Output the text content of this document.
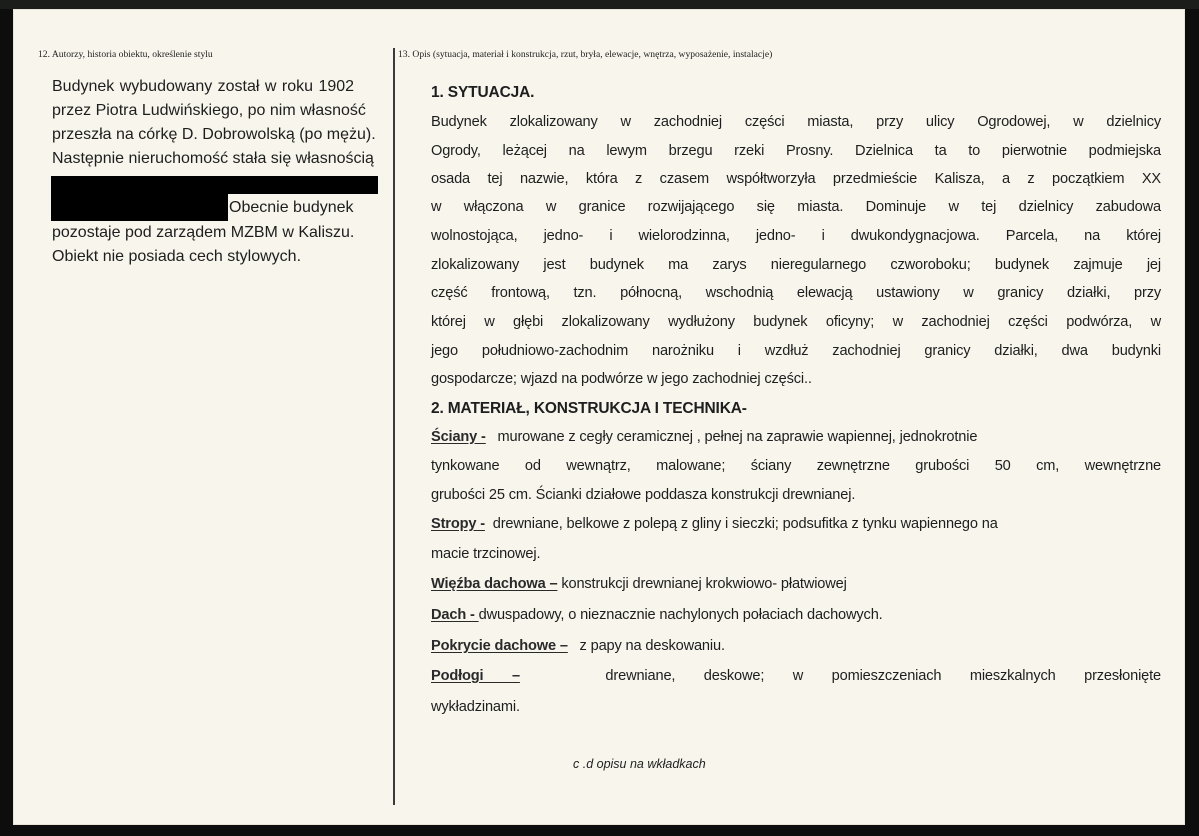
12. Autorzy, historia obiektu, określenie stylu
Budynek wybudowany został w roku 1902
przez Piotra Ludwińskiego, po nim własność
przeszła na córkę D. Dobrowolską (po mężu).
Następnie nieruchomość stała się własnością
Obecnie budynek
pozostaje pod zarządem MZBM w Kaliszu.
Obiekt nie posiada cech stylowych.
13. Opis (sytuacja, materiał i konstrukcja, rzut, bryła, elewacje, wnętrza, wyposażenie, instalacje)
1. SYTUACJA.
Budynek zlokalizowany w zachodniej części miasta, przy ulicy Ogrodowej, w dzielnicy
Ogrody, leżącej na lewym brzegu rzeki Prosny. Dzielnica ta to pierwotnie podmiejska
osada tej nazwie, która z czasem współtworzyła przedmieście Kalisza, a z początkiem XX
w włączona w granice rozwijającego się miasta. Dominuje w tej dzielnicy zabudowa
wolnostojąca, jedno- i wielorodzinna, jedno- i dwukondygnacjowa. Parcela, na której
zlokalizowany jest budynek ma zarys nieregularnego czworoboku; budynek zajmuje jej
część frontową, tzn. północną, wschodnią elewacją ustawiony w granicy działki, przy
której w głębi zlokalizowany wydłużony budynek oficyny; w zachodniej części podwórza, w
jego południowo-zachodnim narożniku i wzdłuż zachodniej granicy działki, dwa budynki
gospodarcze; wjazd na podwórze w jego zachodniej części..
2. MATERIAŁ, KONSTRUKCJA I TECHNIKA-
Ściany - murowane z cegły ceramicznej , pełnej na zaprawie wapiennej, jednokrotnie
tynkowane od wewnątrz, malowane; ściany zewnętrzne grubości 50 cm, wewnętrzne
grubości 25 cm. Ścianki działowe poddasza konstrukcji drewnianej.
Stropy - drewniane, belkowe z polepą z gliny i sieczki; podsufitka z tynku wapiennego na
macie trzcinowej.
Więźba dachowa – konstrukcji drewnianej krokwiowo- płatwiowej
Dach - dwuspadowy, o nieznacznie nachylonych połaciach dachowych.
Pokrycie dachowe – z papy na deskowaniu.
Podłogi –	drewniane, deskowe; w pomieszczeniach mieszkalnych przesłonięte
wykładzinami.
c .d opisu na wkładkach
